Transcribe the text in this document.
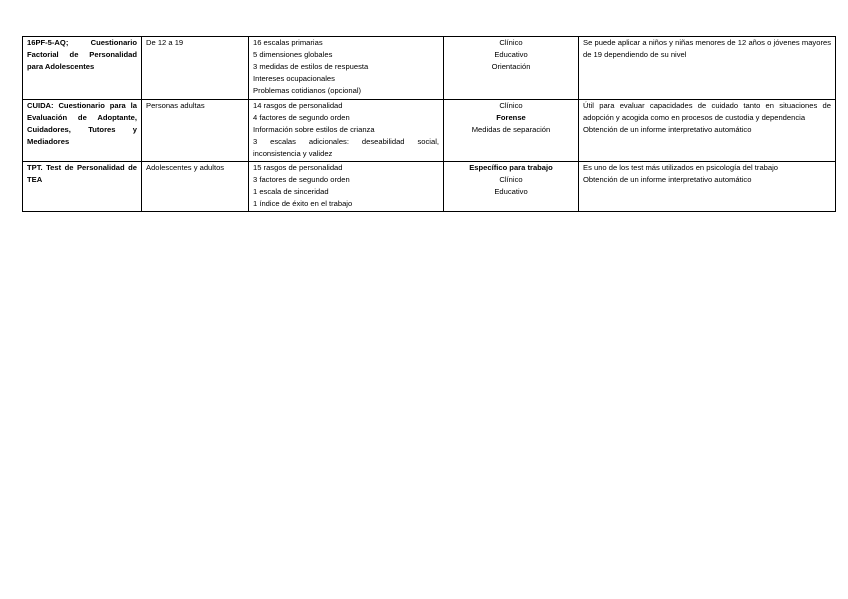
16PF-5-AQ; Cuestionario Factorial de Personalidad para Adolescentes	De 12 a 19	16 escalas primarias
5 dimensiones globales
3 medidas de estilos de respuesta
Intereses ocupacionales
Problemas cotidianos (opcional)	Clínico
Educativo
Orientación	Se puede aplicar a niños y niñas menores de 12 años o jóvenes mayores de 19 dependiendo de su nivel

CUIDA: Cuestionario para la Evaluación de Adoptante, Cuidadores, Tutores y Mediadores	Personas adultas	14 rasgos de personalidad
4 factores de segundo orden
Información sobre estilos de crianza
3 escalas adicionales: deseabilidad social, inconsistencia y validez	Clínico
Forense
Medidas de separación	Útil para evaluar capacidades de cuidado tanto en situaciones de adopción y acogida como en procesos de custodia y dependencia
Obtención de un informe interpretativo automático

TPT. Test de Personalidad de TEA	Adolescentes y adultos	15 rasgos de personalidad
3 factores de segundo orden
1 escala de sinceridad
1 índice de éxito en el trabajo	Específico para trabajo
Clínico
Educativo	Es uno de los test más utilizados en psicología del trabajo
Obtención de un informe interpretativo automático
